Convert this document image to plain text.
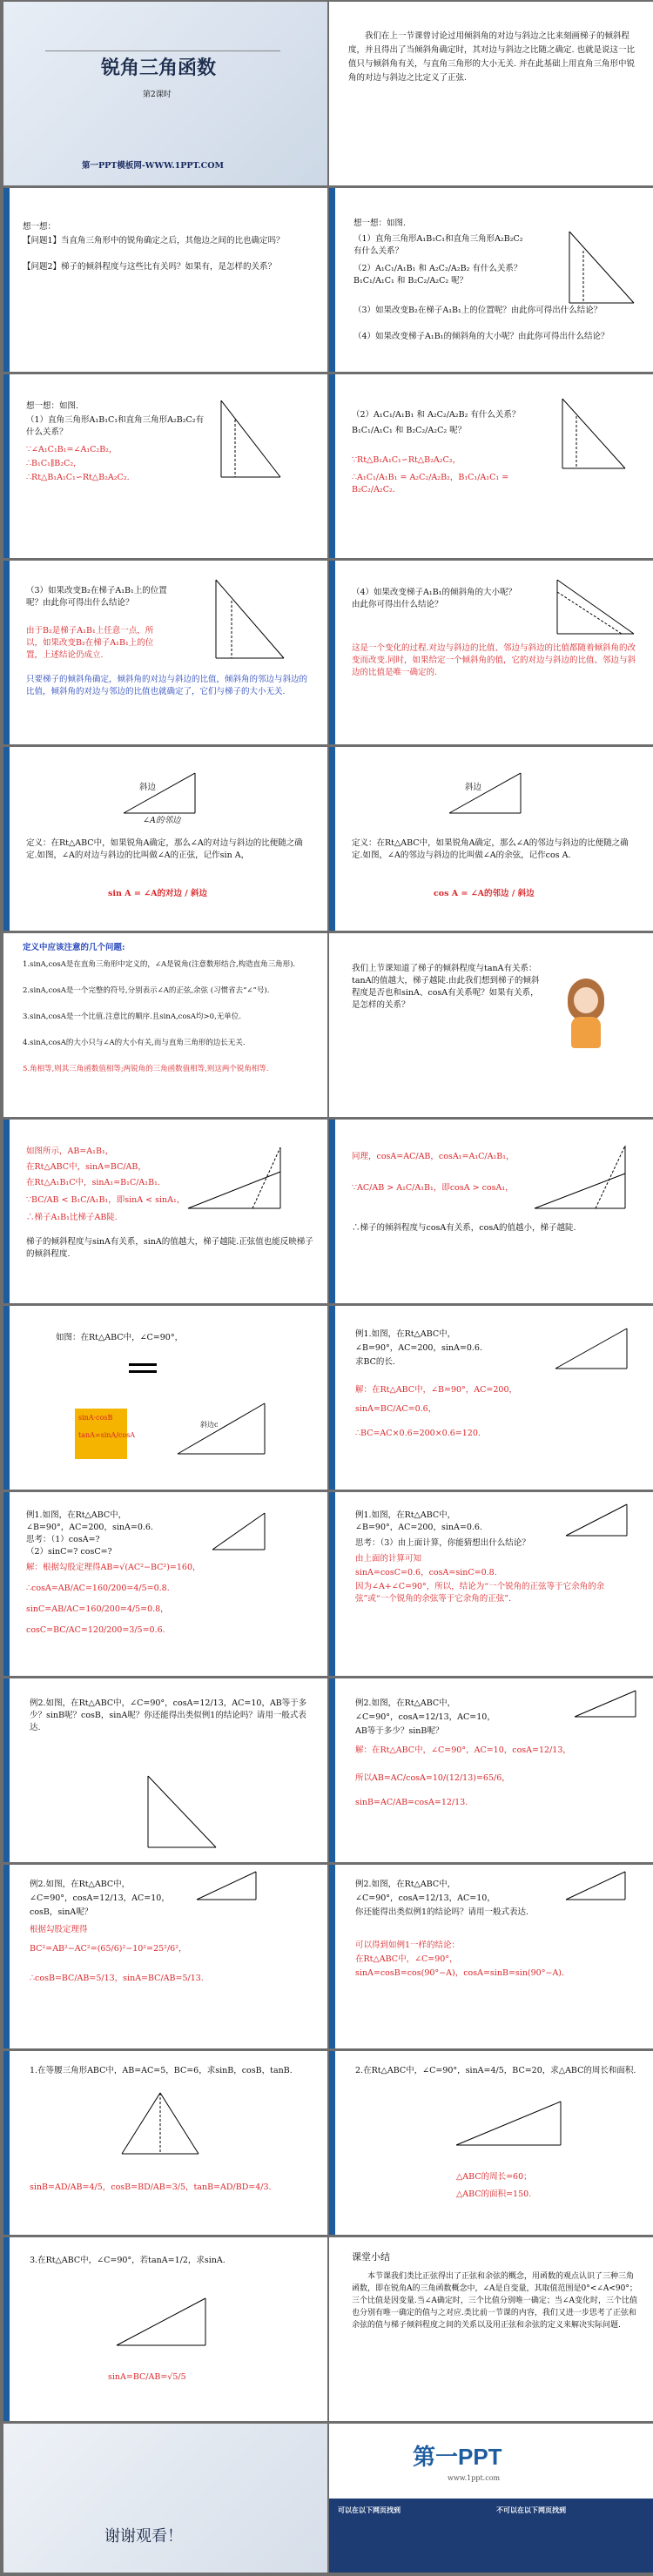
锐角三角函数
第2课时
第一PPT模板网-WWW.1PPT.COM
我们在上一节课曾讨论过用倾斜角的对边与斜边之比来刻画梯子的倾斜程度，并且得出了当倾斜角确定时，其对边与斜边之比随之确定. 也就是说这一比值只与倾斜角有关，与直角三角形的大小无关. 并在此基础上用直角三角形中锐角的对边与斜边之比定义了正弦.
想一想：
【问题1】当直角三角形中的锐角确定之后，其他边之间的比也确定吗？
【问题2】梯子的倾斜程度与这些比有关吗？如果有，是怎样的关系？
想一想：如图.
（1）直角三角形A₁B₁C₁和直角三角形A₂B₂C₂有什么关系？
（2）A₁C₁/A₁B₁ 和 A₂C₂/A₂B₂ 有什么关系？B₁C₁/A₁C₁ 和 B₂C₂/A₂C₂ 呢？
（3）如果改变B₂在梯子A₁B₁上的位置呢？由此你可得出什么结论？
（4）如果改变梯子A₁B₁的倾斜角的大小呢？由此你可得出什么结论？
想一想：如图.
（1）直角三角形A₁B₁C₁和直角三角形A₂B₂C₂有什么关系？
∵∠A₁C₁B₁=∠A₁C₂B₂，
∴B₁C₁∥B₂C₂，
∴Rt△B₁A₁C₁∽Rt△B₂A₂C₂.
（2）A₁C₁/A₁B₁ 和 A₂C₂/A₂B₂ 有什么关系？
B₁C₁/A₁C₁ 和 B₂C₂/A₂C₂ 呢？
∵Rt△B₁A₁C₁∽Rt△B₂A₂C₂，
∴A₁C₁/A₁B₁ = A₂C₂/A₂B₂，B₁C₁/A₁C₁ = B₂C₂/A₂C₂.
（3）如果改变B₂在梯子A₁B₁上的位置呢？由此你可得出什么结论？
由于B₂是梯子A₁B₁上任意一点，所以，如果改变B₂在梯子A₁B₁上的位置，上述结论仍成立.
只要梯子的倾斜角确定，倾斜角的对边与斜边的比值，倾斜角的邻边与斜边的比值，倾斜角的对边与邻边的比值也就确定了，它们与梯子的大小无关.
（4）如果改变梯子A₁B₁的倾斜角的大小呢？由此你可得出什么结论？
这是一个变化的过程.对边与斜边的比值、邻边与斜边的比值都随着倾斜角的改变而改变.同时，如果给定一个倾斜角的值，它的对边与斜边的比值、邻边与斜边的比值是唯一确定的.
斜边
∠A的邻边
定义：在Rt△ABC中，如果锐角A确定，那么∠A的对边与斜边的比便随之确定.如图，∠A的对边与斜边的比叫做∠A的正弦，记作sin A，
sin A = ∠A的对边 / 斜边
斜边
定义：在Rt△ABC中，如果锐角A确定，那么∠A的邻边与斜边的比便随之确定.如图，∠A的邻边与斜边的比叫做∠A的余弦，记作cos A.
cos A = ∠A的邻边 / 斜边
定义中应该注意的几个问题:
1.sinA,cosA是在直角三角形中定义的，∠A是锐角(注意数形结合,构造直角三角形).
2.sinA,cosA是一个完整的符号,分别表示∠A的正弦,余弦 (习惯省去“∠”号).
3.sinA,cosA是一个比值.注意比的顺序.且sinA,cosA均>0,无单位.
4.sinA,cosA的大小只与∠A的大小有关,而与直角三角形的边长无关.
5.角相等,则其三角函数值相等;两锐角的三角函数值相等,则这两个锐角相等.
我们上节课知道了梯子的倾斜程度与tanA有关系：tanA的值越大，梯子越陡.由此我们想到梯子的倾斜程度是否也和sinA、cosA有关系呢？如果有关系，是怎样的关系？
如图所示，AB=A₁B₁，
在Rt△ABC中，sinA=BC/AB，
在Rt△A₁B₁C中，sinA₁=B₁C/A₁B₁.
∵BC/AB < B₁C/A₁B₁，即sinA < sinA₁，
∴梯子A₁B₁比梯子AB陡.
梯子的倾斜程度与sinA有关系，sinA的值越大，梯子越陡.正弦值也能反映梯子的倾斜程度.
同理，cosA=AC/AB，cosA₁=A₁C/A₁B₁，
∵AC/AB > A₁C/A₁B₁，即cosA > cosA₁，
∴梯子的倾斜程度与cosA有关系，cosA的值越小，梯子越陡.
如图：在Rt△ABC中，∠C=90°，
sinA·cosB
tanA=sinA/cosA
斜边c
例1.如图，在Rt△ABC中，
∠B=90°，AC=200，sinA=0.6.
求BC的长.
解：在Rt△ABC中，∠B=90°，AC=200，
sinA=BC/AC=0.6，
∴BC=AC×0.6=200×0.6=120.
例1.如图，在Rt△ABC中，
∠B=90°，AC=200，sinA=0.6.
思考：（1）cosA=?
（2）sinC=? cosC=?
解：根据勾股定理得AB=√(AC²−BC²)=160，
∴cosA=AB/AC=160/200=4/5=0.8.
sinC=AB/AC=160/200=4/5=0.8，
cosC=BC/AC=120/200=3/5=0.6.
例1.如图，在Rt△ABC中，
∠B=90°，AC=200，sinA=0.6.
思考：（3）由上面计算，你能猜想出什么结论？
由上面的计算可知
sinA=cosC=0.6，cosA=sinC=0.8.
因为∠A+∠C=90°，所以，结论为“一个锐角的正弦等于它余角的余弦”或“一个锐角的余弦等于它余角的正弦”.
例2.如图，在Rt△ABC中，∠C=90°，cosA=12/13，AC=10，AB等于多少？sinB呢？cosB，sinA呢？你还能得出类似例1的结论吗？请用一般式表达.
例2.如图，在Rt△ABC中，
∠C=90°，cosA=12/13，AC=10，
AB等于多少？sinB呢？
解：在Rt△ABC中，∠C=90°，AC=10，cosA=12/13，
所以AB=AC/cosA=10/(12/13)=65/6，
sinB=AC/AB=cosA=12/13.
例2.如图，在Rt△ABC中，
∠C=90°，cosA=12/13，AC=10，
cosB，sinA呢？
根据勾股定理得
BC²=AB²−AC²=(65/6)²−10²=25²/6²，
∴cosB=BC/AB=5/13，sinA=BC/AB=5/13.
例2.如图，在Rt△ABC中，
∠C=90°，cosA=12/13，AC=10，
你还能得出类似例1的结论吗？请用一般式表达.
可以得到如例1一样的结论：
在Rt△ABC中，∠C=90°，
sinA=cosB=cos(90°−A)，cosA=sinB=sin(90°−A).
1.在等腰三角形ABC中，AB=AC=5，BC=6，求sinB，cosB，tanB.
sinB=AD/AB=4/5，cosB=BD/AB=3/5，tanB=AD/BD=4/3.
2.在Rt△ABC中，∠C=90°，sinA=4/5，BC=20，求△ABC的周长和面积.
△ABC的周长=60；
△ABC的面积=150.
3.在Rt△ABC中，∠C=90°，若tanA=1/2，求sinA.
sinA=BC/AB=√5/5
课堂小结
本节课我们类比正弦得出了正弦和余弦的概念，用函数的观点认识了三种三角函数，即在锐角A的三角函数概念中，∠A是自变量，其取值范围是0°<∠A<90°；三个比值是因变量.当∠A确定时，三个比值分别唯一确定；当∠A变化时，三个比值也分别有唯一确定的值与之对应.类比前一节课的内容，我们又进一步思考了正弦和余弦的值与梯子倾斜程度之间的关系以及用正弦和余弦的定义来解决实际问题.
谢谢观看！
第一PPT
www.1ppt.com
可以在以下网页找到	不可以在以下网页找到
